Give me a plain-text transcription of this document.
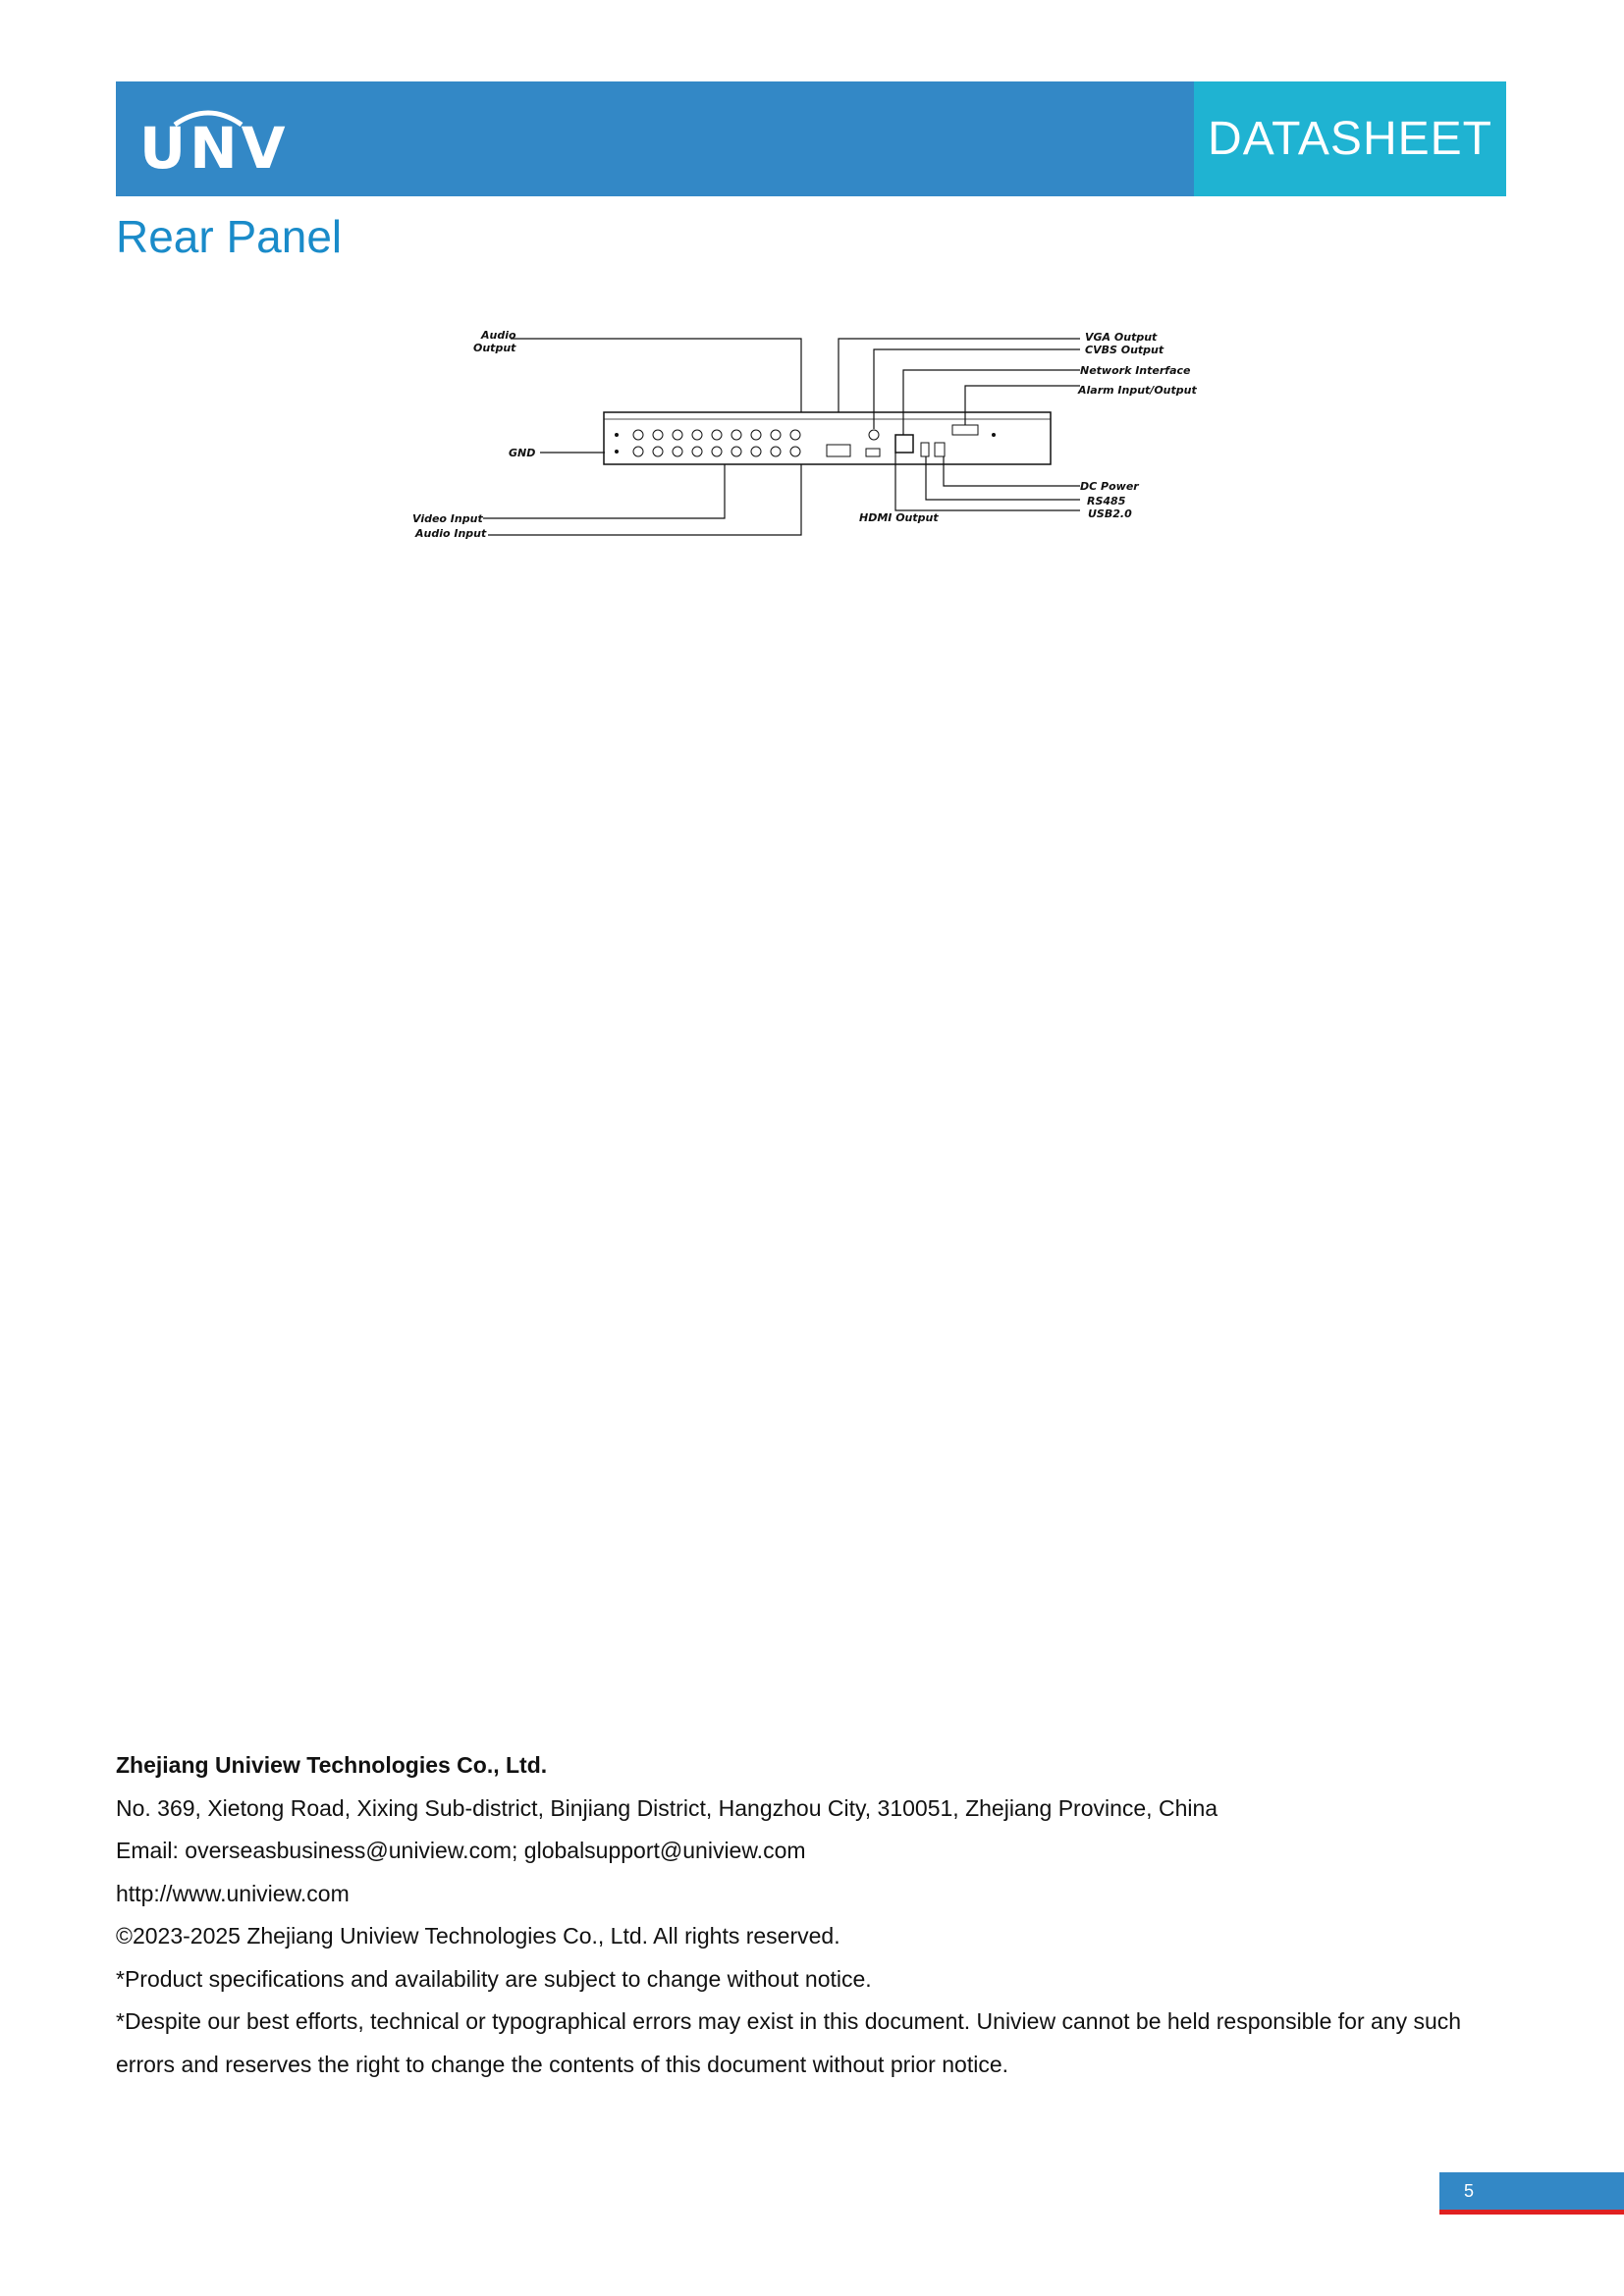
UNV	DATASHEET
Rear Panel
Audio
Output
GND
Video Input
Audio Input
VGA Output
CVBS Output
Network Interface
Alarm Input/Output
DC Power
RS485
USB2.0
HDMI Output
Zhejiang Uniview Technologies Co., Ltd.
No. 369, Xietong Road, Xixing Sub-district, Binjiang District, Hangzhou City, 310051, Zhejiang Province, China
Email: overseasbusiness@uniview.com; globalsupport@uniview.com
http://www.uniview.com
©2023-2025 Zhejiang Uniview Technologies Co., Ltd. All rights reserved.
*Product specifications and availability are subject to change without notice.
*Despite our best efforts, technical or typographical errors may exist in this document. Uniview cannot be held responsible for any such errors and reserves the right to change the contents of this document without prior notice.
5
